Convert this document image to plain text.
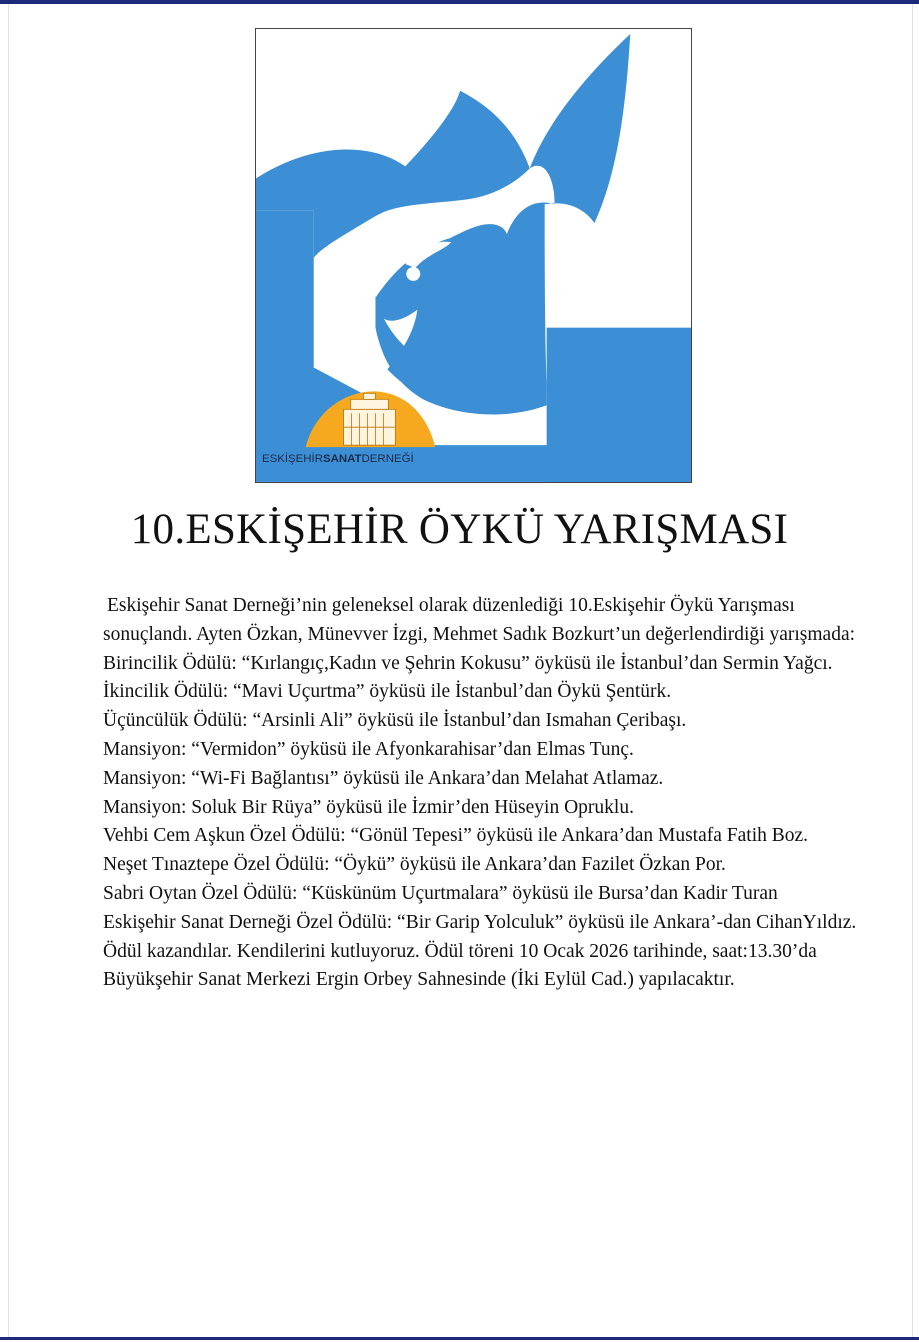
ESKİŞEHİRSANATDERNEĞİ
10.ESKİŞEHİR ÖYKÜ YARIŞMASI

Eskişehir Sanat Derneği’nin geleneksel olarak düzenlediği 10.Eskişehir Öykü Yarışması sonuçlandı. Ayten Özkan, Münevver İzgi, Mehmet Sadık Bozkurt’un değerlendirdiği yarışmada:

Birincilik Ödülü: “Kırlangıç,Kadın ve Şehrin Kokusu” öyküsü ile İstanbul’dan Sermin Yağcı.

İkincilik Ödülü: “Mavi Uçurtma” öyküsü ile İstanbul’dan Öykü Şentürk.

Üçüncülük Ödülü: “Arsinli Ali” öyküsü ile İstanbul’dan Ismahan Çeribaşı.

Mansiyon: “Vermidon” öyküsü ile Afyonkarahisar’dan Elmas Tunç.

Mansiyon: “Wi-Fi Bağlantısı” öyküsü ile Ankara’dan Melahat Atlamaz.

Mansiyon: Soluk Bir Rüya” öyküsü ile İzmir’den Hüseyin Opruklu.

Vehbi Cem Aşkun Özel Ödülü: “Gönül Tepesi” öyküsü ile Ankara’dan Mustafa Fatih Boz.

Neşet Tınaztepe Özel Ödülü: “Öykü” öyküsü ile Ankara’dan Fazilet Özkan Por.

Sabri Oytan Özel Ödülü: “Küskünüm Uçurtmalara” öyküsü ile Bursa’dan Kadir Turan

Eskişehir Sanat Derneği Özel Ödülü: “Bir Garip Yolculuk” öyküsü ile Ankara’-dan CihanYıldız.

Ödül kazandılar. Kendilerini kutluyoruz. Ödül töreni 10 Ocak 2026 tarihinde, saat:13.30’da Büyükşehir Sanat Merkezi Ergin Orbey Sahnesinde (İki Eylül Cad.) yapılacaktır.
